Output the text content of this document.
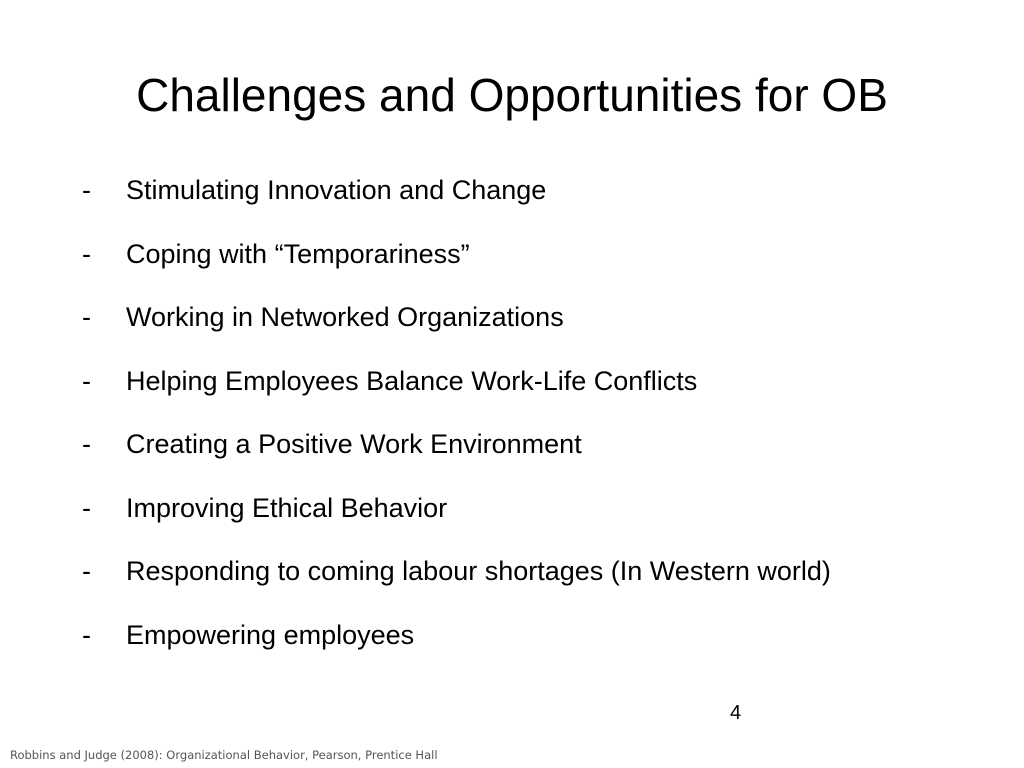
Challenges and Opportunities for OB
- Stimulating Innovation and Change
- Coping with “Temporariness”
- Working in Networked Organizations
- Helping Employees Balance Work-Life Conflicts
- Creating a Positive Work Environment
- Improving Ethical Behavior
- Responding to coming labour shortages (In Western world)
- Empowering employees
4
Robbins and Judge (2008): Organizational Behavior, Pearson, Prentice Hall
